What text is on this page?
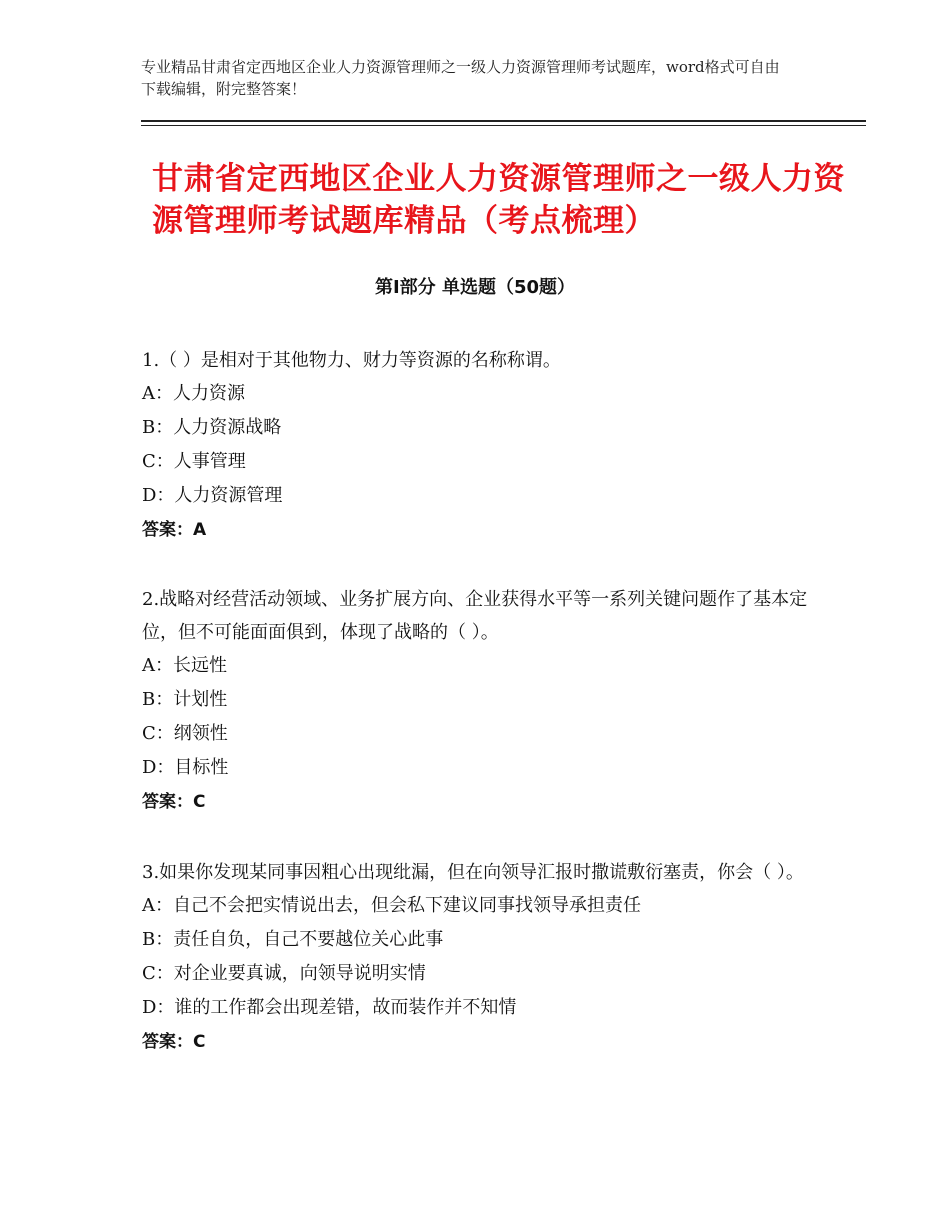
专业精品甘肃省定西地区企业人力资源管理师之一级人力资源管理师考试题库，word格式可自由下载编辑，附完整答案！
甘肃省定西地区企业人力资源管理师之一级人力资源管理师考试题库精品（考点梳理）
第Ⅰ部分 单选题（50题）

1.（ ）是相对于其他物力、财力等资源的名称称谓。

A：人力资源
B：人力资源战略
C：人事管理
D：人力资源管理

答案：A

2.战略对经营活动领域、业务扩展方向、企业获得水平等一系列关键问题作了基本定 位，但不可能面面俱到，体现了战略的（ ）。

A：长远性
B：计划性
C：纲领性
D：目标性

答案：C

3.如果你发现某同事因粗心出现纰漏，但在向领导汇报时撒谎敷衍塞责，你会（ ）。

A：自己不会把实情说出去，但会私下建议同事找领导承担责任
B：责任自负，自己不要越位关心此事
C：对企业要真诚，向领导说明实情
D：谁的工作都会出现差错，故而装作并不知情

答案：C
